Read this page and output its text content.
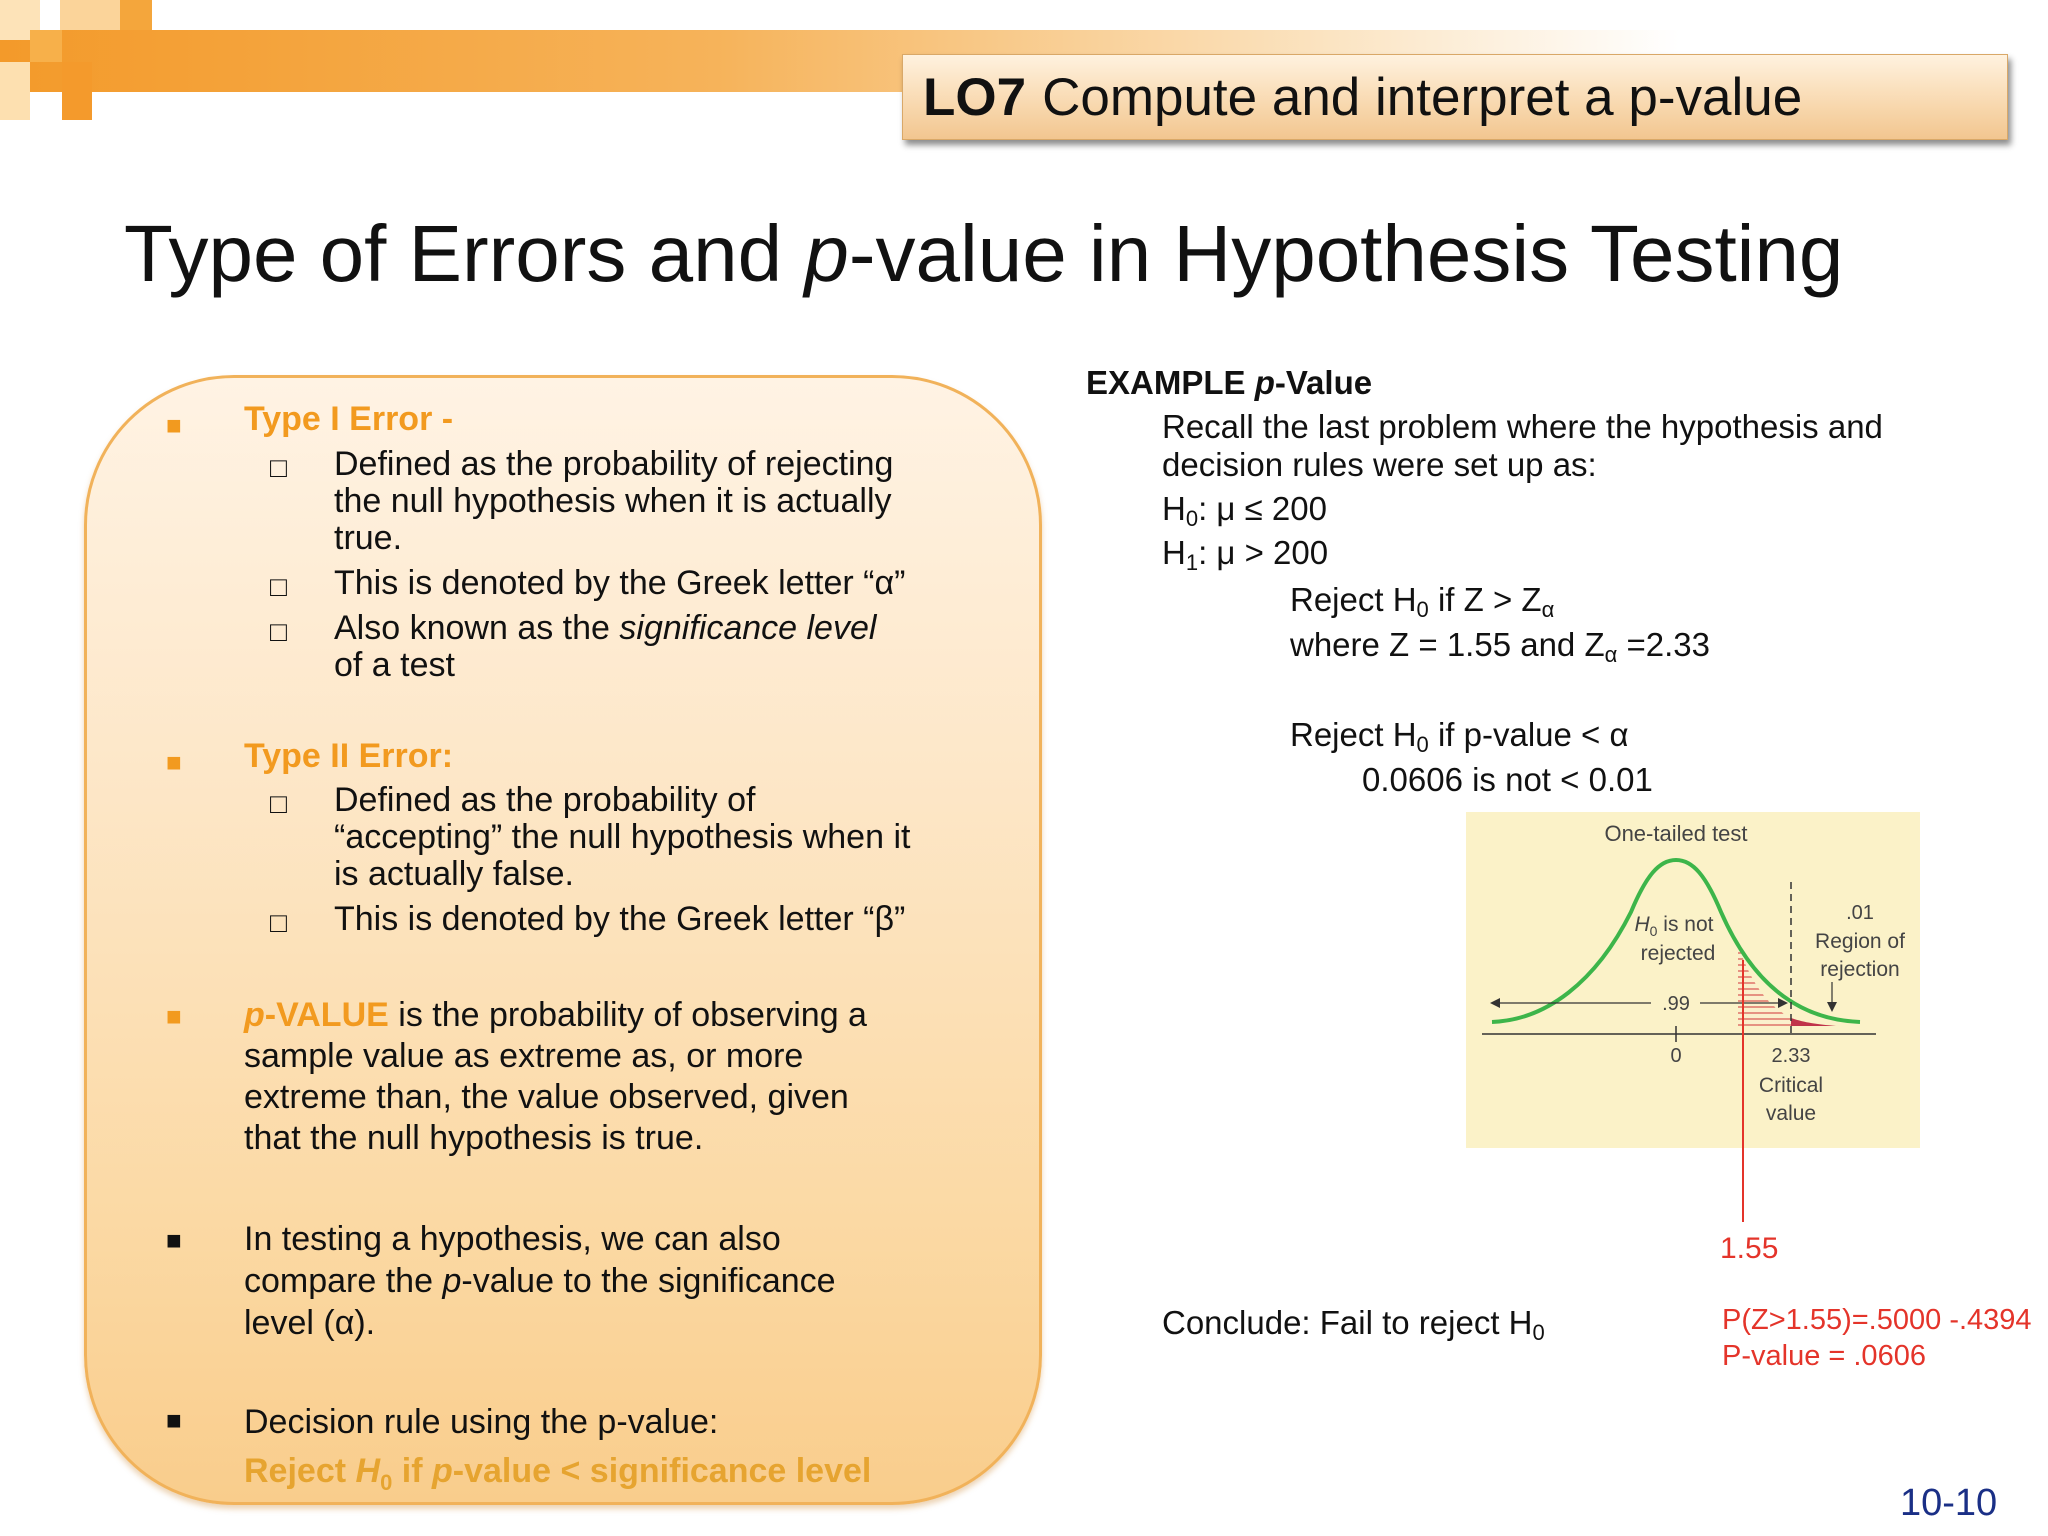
LO7 Compute and interpret a p-value
Type of Errors and p-value in Hypothesis Testing
■ Type I Error -
□ Defined as the probability of rejecting
the null hypothesis when it is actually
true.
□ This is denoted by the Greek letter “α”
□ Also known as the significance level
of a test
■ Type II Error:
□ Defined as the probability of
“accepting” the null hypothesis when it
is actually false.
□ This is denoted by the Greek letter “β”
■ p-VALUE is the probability of observing a
sample value as extreme as, or more
extreme than, the value observed, given
that the null hypothesis is true.
■ In testing a hypothesis, we can also
compare the p-value to the significance
level (α).
■ Decision rule using the p-value:
Reject $H_0$ if p-value < significance level
EXAMPLE p-Value
Recall the last problem where the hypothesis and
decision rules were set up as:
$H_0$: μ ≤ 200
$H_1$: μ > 200
Reject $H_0$ if $Z > Z_\alpha$
where Z = 1.55 and $Z_\alpha =2.33$
Reject $H_0$ if p-value < α
0.0606 is not < 0.01
Conclude: Fail to reject $H_0$
One-tailed test
$H_0$ is not
rejected
.99
.01
Region of
rejection
0	2.33
Critical
value
1.55
P(Z>1.55)=.5000 -.4394
P-value = .0606
10-10
